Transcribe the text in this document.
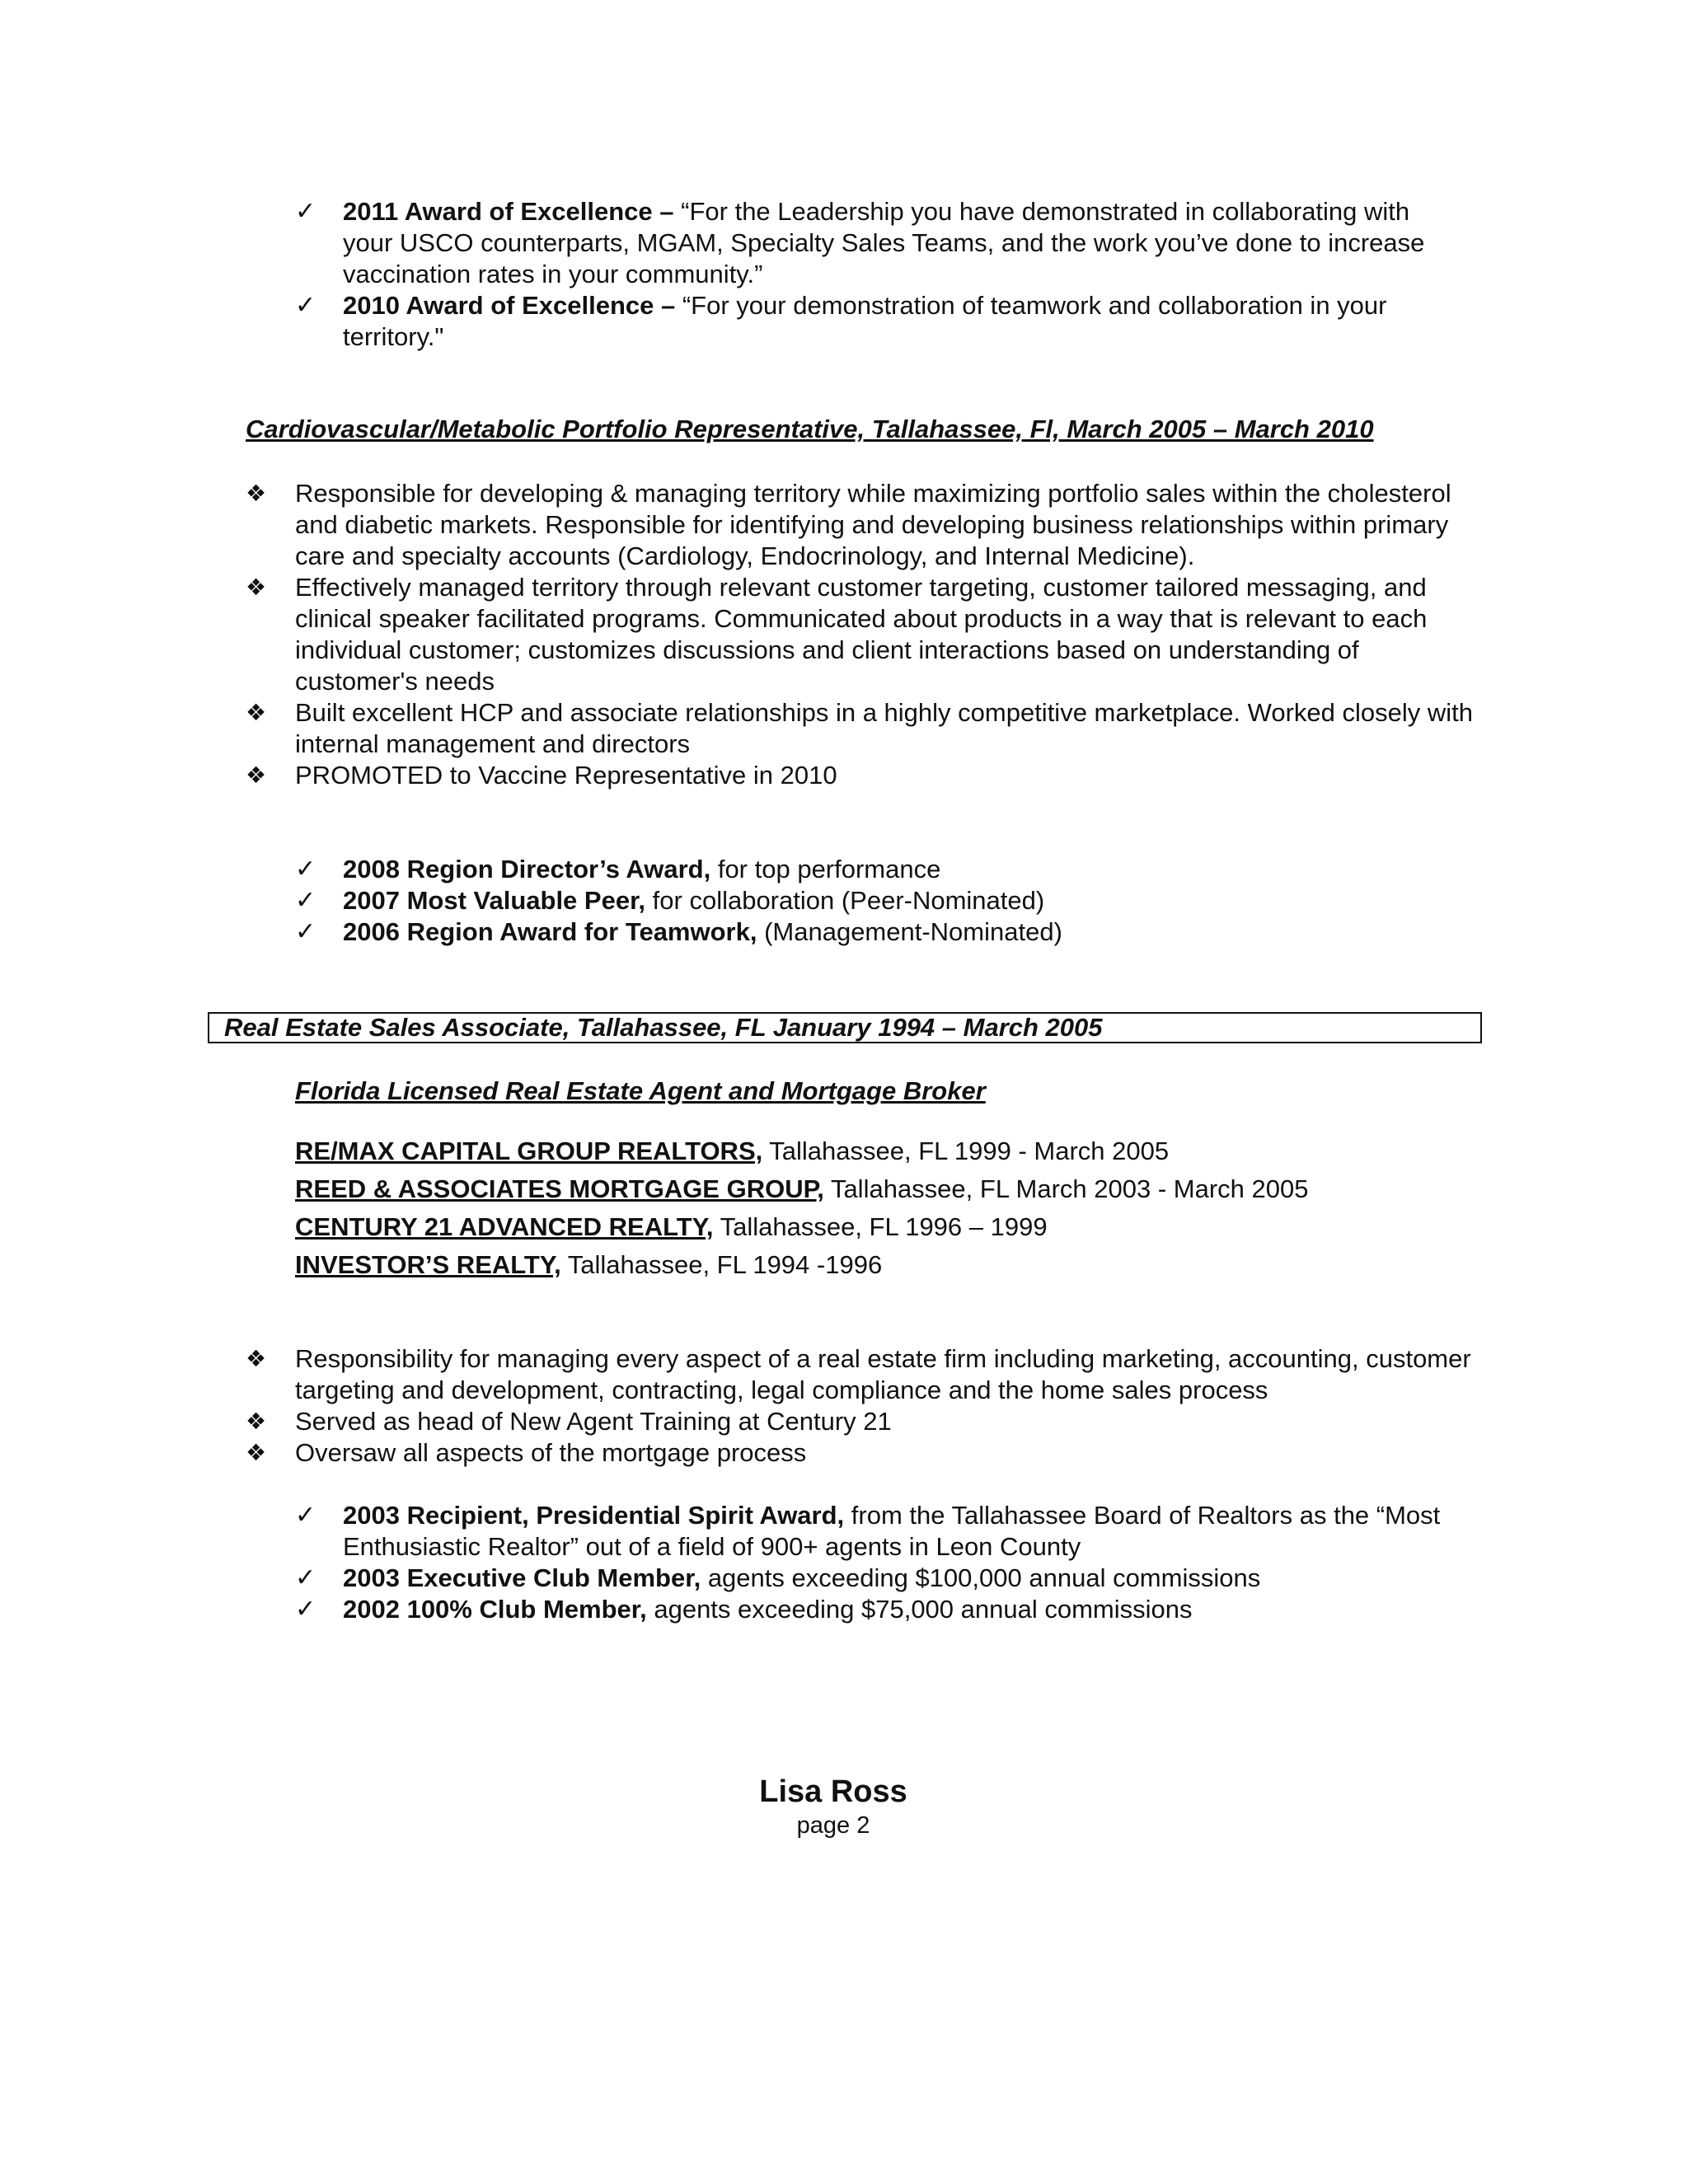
✓ 2011 Award of Excellence – “For the Leadership you have demonstrated in collaborating with your USCO counterparts, MGAM, Specialty Sales Teams, and the work you’ve done to increase vaccination rates in your community.”
✓ 2010 Award of Excellence – “For your demonstration of teamwork and collaboration in your territory."
Cardiovascular/Metabolic Portfolio Representative, Tallahassee, Fl, March 2005 – March 2010
❖ Responsible for developing & managing territory while maximizing portfolio sales within the cholesterol and diabetic markets. Responsible for identifying and developing business relationships within primary care and specialty accounts (Cardiology, Endocrinology, and Internal Medicine).
❖ Effectively managed territory through relevant customer targeting, customer tailored messaging, and clinical speaker facilitated programs. Communicated about products in a way that is relevant to each individual customer; customizes discussions and client interactions based on understanding of customer's needs
❖ Built excellent HCP and associate relationships in a highly competitive marketplace. Worked closely with internal management and directors
❖ PROMOTED to Vaccine Representative in 2010
✓ 2008 Region Director’s Award, for top performance
✓ 2007 Most Valuable Peer, for collaboration (Peer-Nominated)
✓ 2006 Region Award for Teamwork, (Management-Nominated)
Real Estate Sales Associate, Tallahassee, FL January 1994 – March 2005
Florida Licensed Real Estate Agent and Mortgage Broker
RE/MAX CAPITAL GROUP REALTORS, Tallahassee, FL 1999 - March 2005
REED & ASSOCIATES MORTGAGE GROUP, Tallahassee, FL March 2003 - March 2005
CENTURY 21 ADVANCED REALTY, Tallahassee, FL 1996 – 1999
INVESTOR’S REALTY, Tallahassee, FL 1994 -1996
❖ Responsibility for managing every aspect of a real estate firm including marketing, accounting, customer targeting and development, contracting, legal compliance and the home sales process
❖ Served as head of New Agent Training at Century 21
❖ Oversaw all aspects of the mortgage process
✓ 2003 Recipient, Presidential Spirit Award, from the Tallahassee Board of Realtors as the “Most Enthusiastic Realtor” out of a field of 900+ agents in Leon County
✓ 2003 Executive Club Member, agents exceeding $100,000 annual commissions
✓ 2002 100% Club Member, agents exceeding $75,000 annual commissions
Lisa Ross
page 2
